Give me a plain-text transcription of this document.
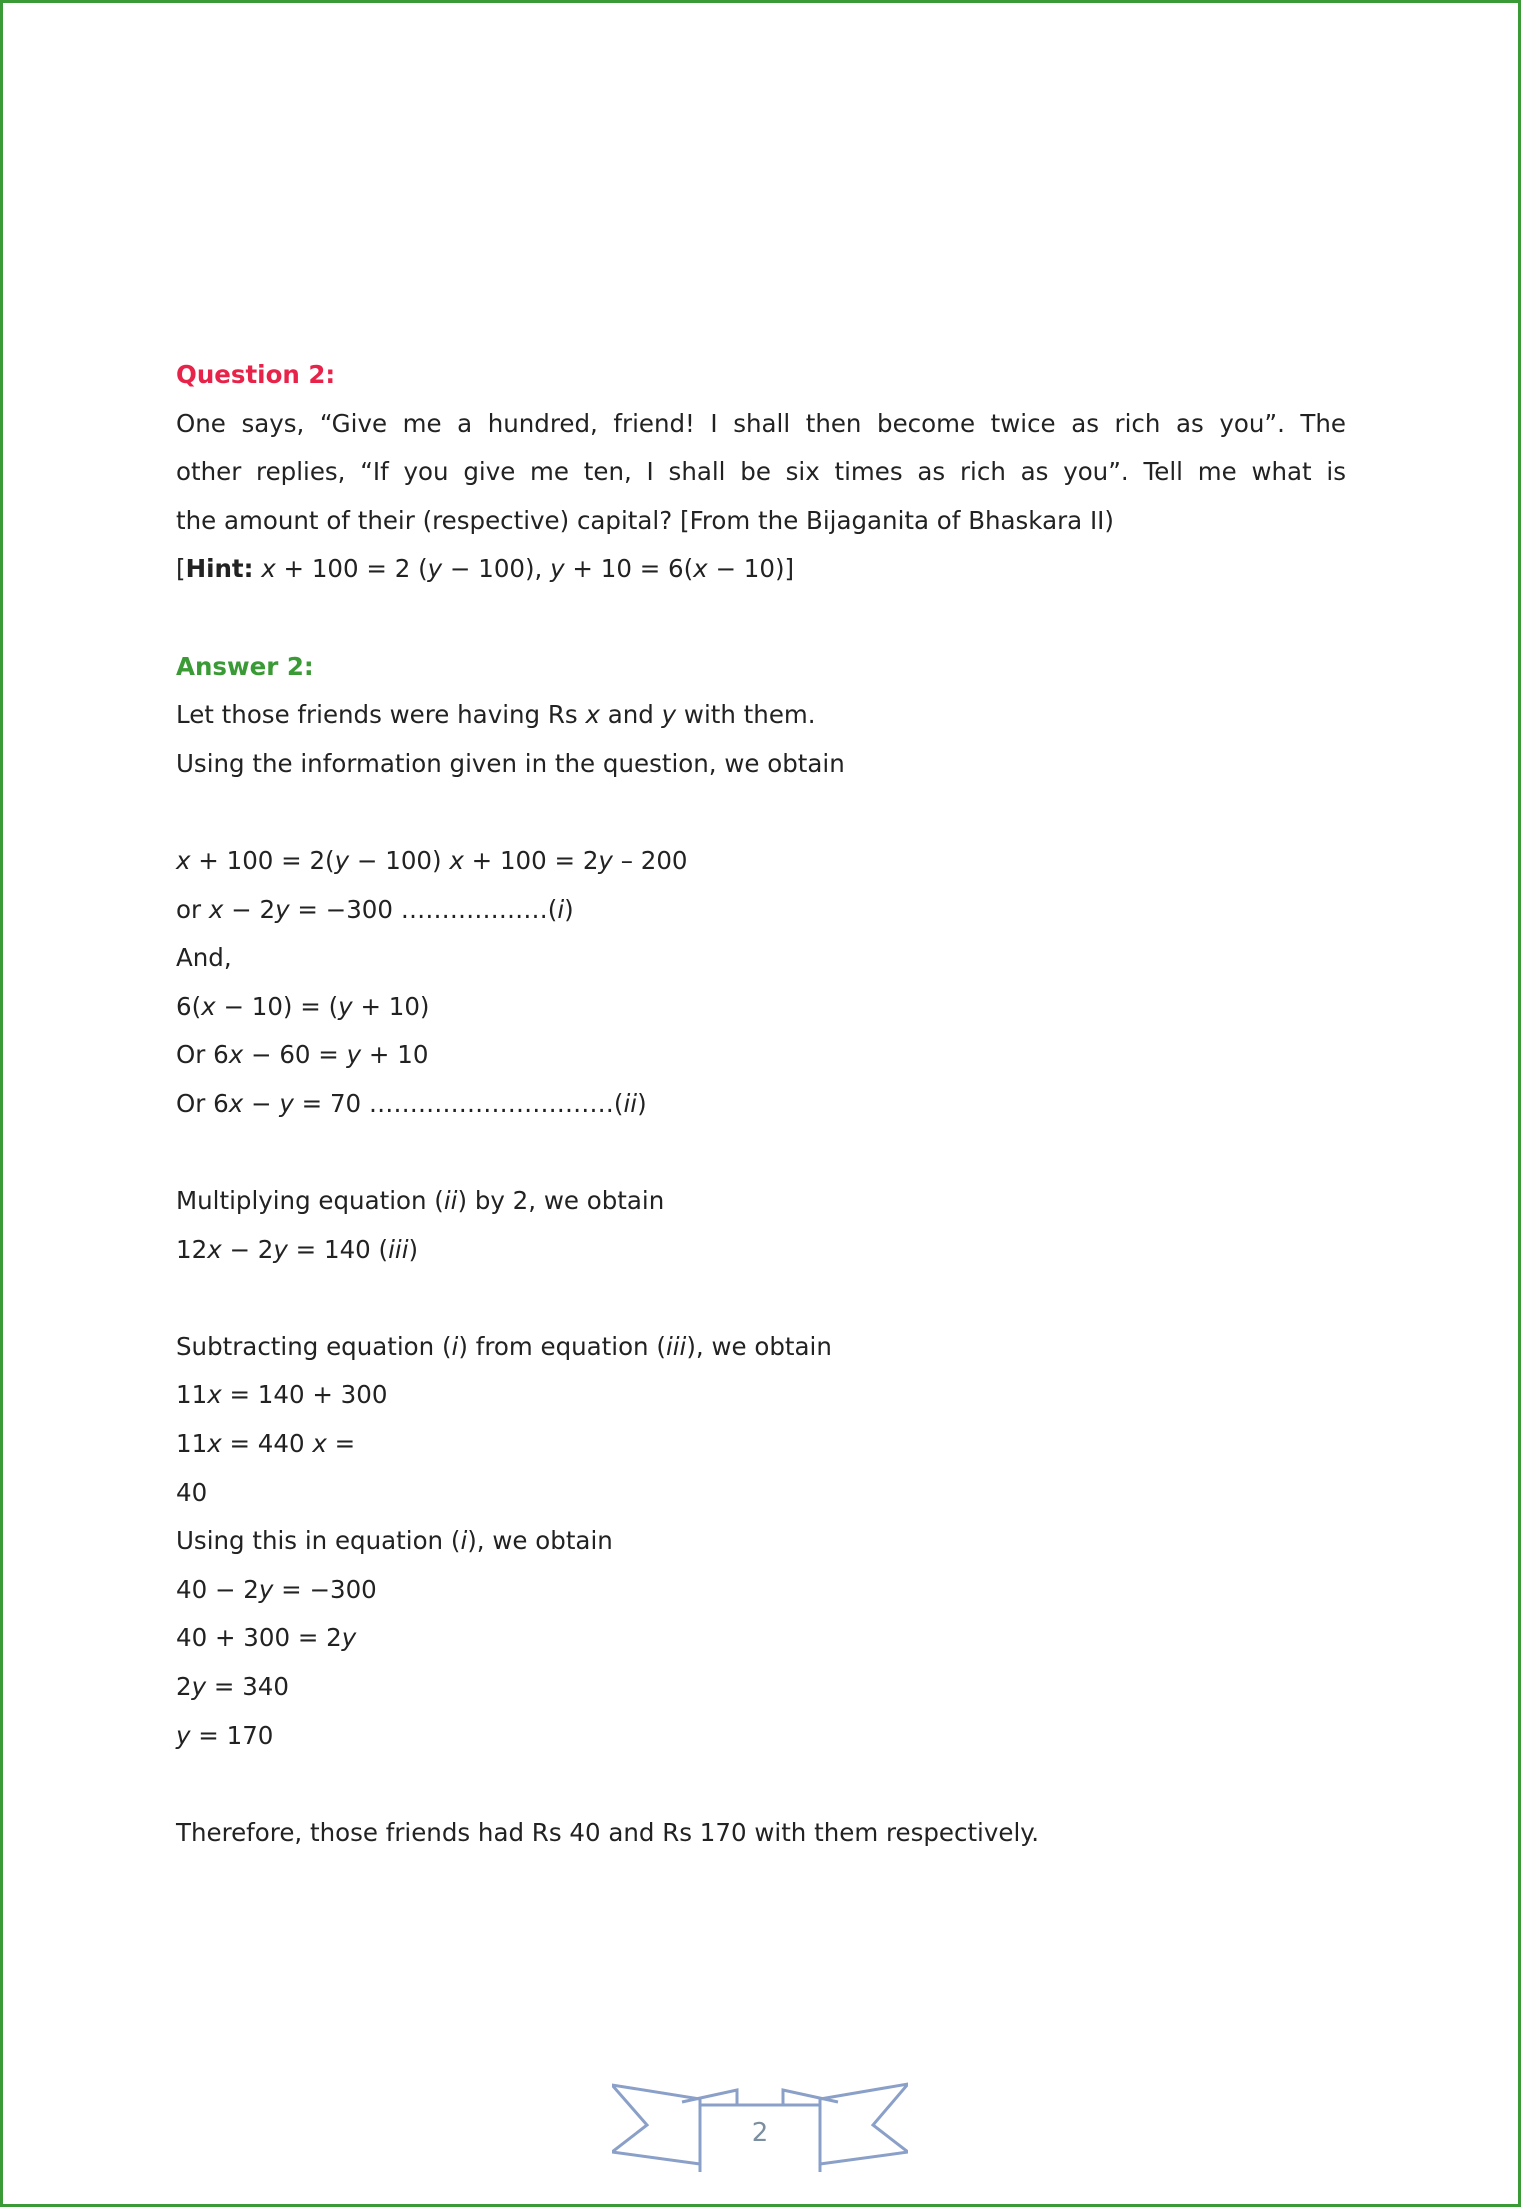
Question 2:
One says, “Give me a hundred, friend! I shall then become twice as rich as you”. The
other replies, “If you give me ten, I shall be six times as rich as you”. Tell me what is
the amount of their (respective) capital? [From the Bijaganita of Bhaskara II)
[Hint: x + 100 = 2 (y − 100), y + 10 = 6(x − 10)]
Answer 2:
Let those friends were having Rs x and y with them.
Using the information given in the question, we obtain
x + 100 = 2(y − 100) x + 100 = 2y – 200
or x − 2y = −300 ………………(i)
And,
6(x − 10) = (y + 10)
Or 6x − 60 = y + 10
Or 6x − y = 70 …………………………(ii)
Multiplying equation (ii) by 2, we obtain
12x − 2y = 140 (iii)
Subtracting equation (i) from equation (iii), we obtain
11x = 140 + 300
11x = 440 x =
40
Using this in equation (i), we obtain
40 − 2y = −300
40 + 300 = 2y
2y = 340
y = 170
Therefore, those friends had Rs 40 and Rs 170 with them respectively.
2
